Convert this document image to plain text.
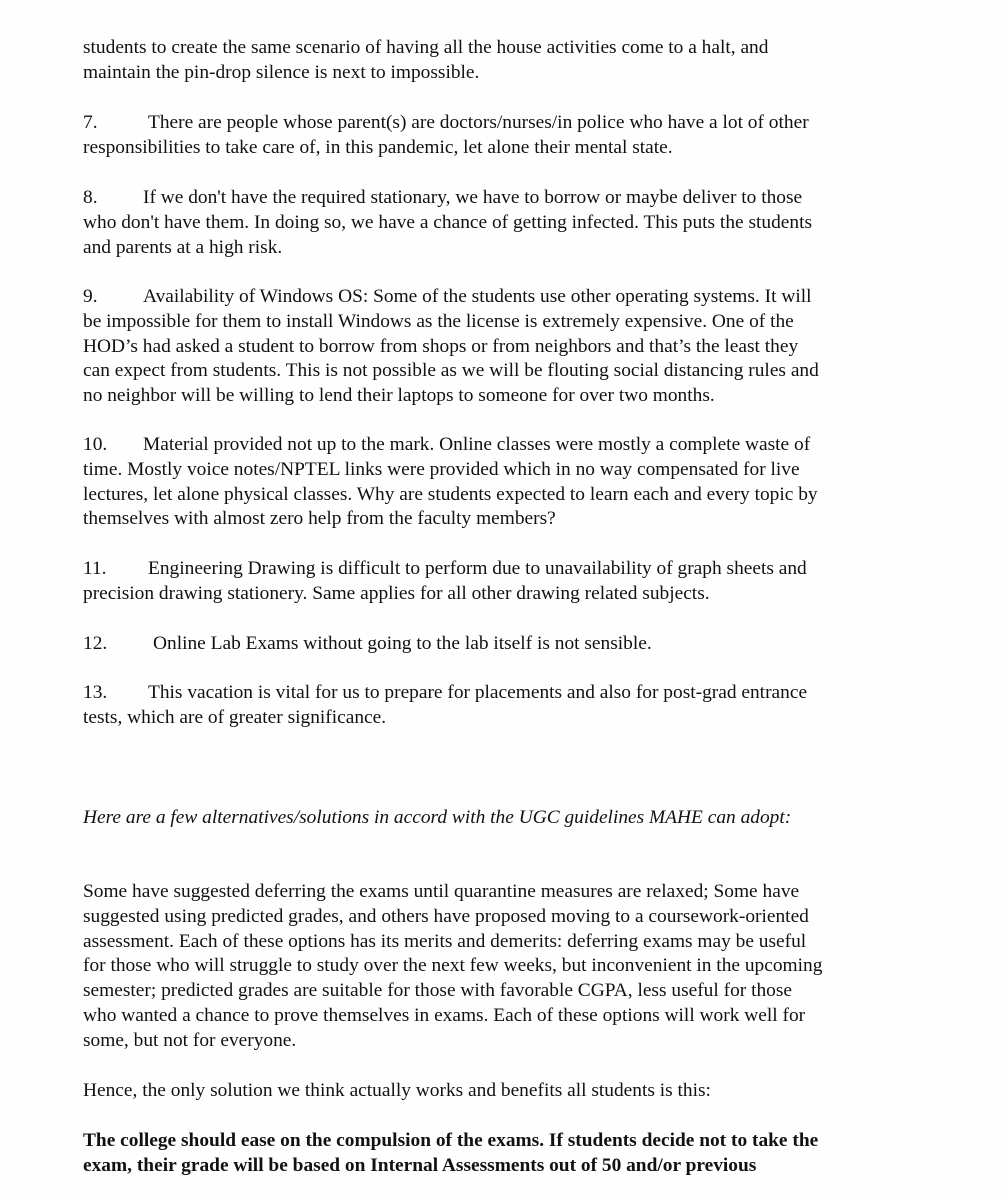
students to create the same scenario of having all the house activities come to a halt, and
maintain the pin-drop silence is next to impossible.

7.	There are people whose parent(s) are doctors/nurses/in police who have a lot of other
responsibilities to take care of, in this pandemic, let alone their mental state.

8. If we don't have the required stationary, we have to borrow or maybe deliver to those
who don't have them. In doing so, we have a chance of getting infected. This puts the students
and parents at a high risk.

9. Availability of Windows OS: Some of the students use other operating systems. It will
be impossible for them to install Windows as the license is extremely expensive. One of the
HOD’s had asked a student to borrow from shops or from neighbors and that’s the least they
can expect from students. This is not possible as we will be flouting social distancing rules and
no neighbor will be willing to lend their laptops to someone for over two months.

10. Material provided not up to the mark. Online classes were mostly a complete waste of
time. Mostly voice notes/NPTEL links were provided which in no way compensated for live
lectures, let alone physical classes. Why are students expected to learn each and every topic by
themselves with almost zero help from the faculty members?

11. Engineering Drawing is difficult to perform due to unavailability of graph sheets and
precision drawing stationery. Same applies for all other drawing related subjects.

12. Online Lab Exams without going to the lab itself is not sensible.

13. This vacation is vital for us to prepare for placements and also for post-grad entrance
tests, which are of greater significance.

Here are a few alternatives/solutions in accord with the UGC guidelines MAHE can adopt:

Some have suggested deferring the exams until quarantine measures are relaxed; Some have
suggested using predicted grades, and others have proposed moving to a coursework-oriented
assessment. Each of these options has its merits and demerits: deferring exams may be useful
for those who will struggle to study over the next few weeks, but inconvenient in the upcoming
semester; predicted grades are suitable for those with favorable CGPA, less useful for those
who wanted a chance to prove themselves in exams. Each of these options will work well for
some, but not for everyone.

Hence, the only solution we think actually works and benefits all students is this:

The college should ease on the compulsion of the exams. If students decide not to take the
exam, their grade will be based on Internal Assessments out of 50 and/or previous
